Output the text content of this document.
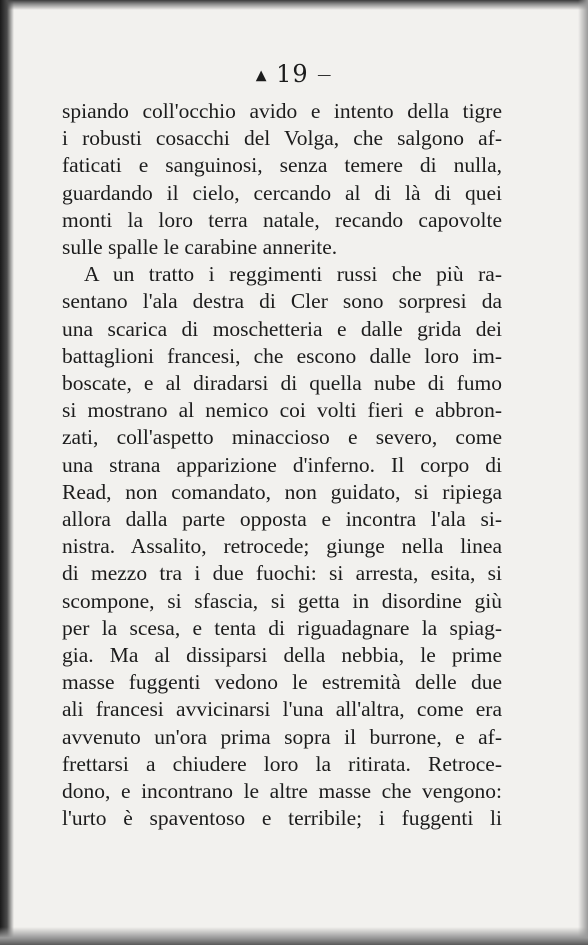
▲ 19 —
spiando coll'occhio avido e intento della tigre
i robusti cosacchi del Volga, che salgono af-
faticati e sanguinosi, senza temere di nulla,
guardando il cielo, cercando al di là di quei
monti la loro terra natale, recando capovolte
sulle spalle le carabine annerite.
A un tratto i reggimenti russi che più ra-
sentano l'ala destra di Cler sono sorpresi da
una scarica di moschetteria e dalle grida dei
battaglioni francesi, che escono dalle loro im-
boscate, e al diradarsi di quella nube di fumo
si mostrano al nemico coi volti fieri e abbron-
zati, coll'aspetto minaccioso e severo, come
una strana apparizione d'inferno. Il corpo di
Read, non comandato, non guidato, si ripiega
allora dalla parte opposta e incontra l'ala si-
nistra. Assalito, retrocede; giunge nella linea
di mezzo tra i due fuochi: si arresta, esita, si
scompone, si sfascia, si getta in disordine giù
per la scesa, e tenta di riguadagnare la spiag-
gia. Ma al dissiparsi della nebbia, le prime
masse fuggenti vedono le estremità delle due
ali francesi avvicinarsi l'una all'altra, come era
avvenuto un'ora prima sopra il burrone, e af-
frettarsi a chiudere loro la ritirata. Retroce-
dono, e incontrano le altre masse che vengono:
l'urto è spaventoso e terribile; i fuggenti li
